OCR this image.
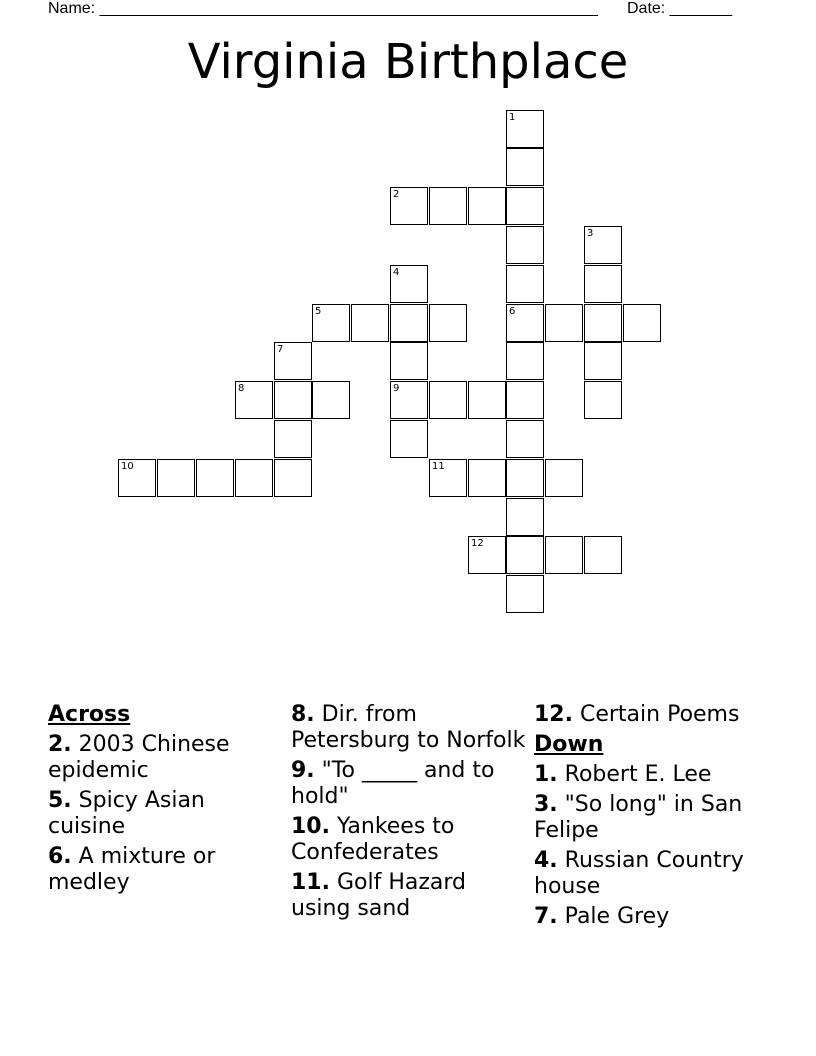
Name: ________________________________________________________ Date: _______
Virginia Birthplace
1
2
3
4
5	6
7
8	9
10	11
12
Across
2. 2003 Chinese epidemic
5. Spicy Asian cuisine
6. A mixture or medley
8. Dir. from Petersburg to Norfolk
9. "To _____ and to hold"
10. Yankees to Confederates
11. Golf Hazard using sand
12. Certain Poems
Down
1. Robert E. Lee
3. "So long" in San Felipe
4. Russian Country house
7. Pale Grey
